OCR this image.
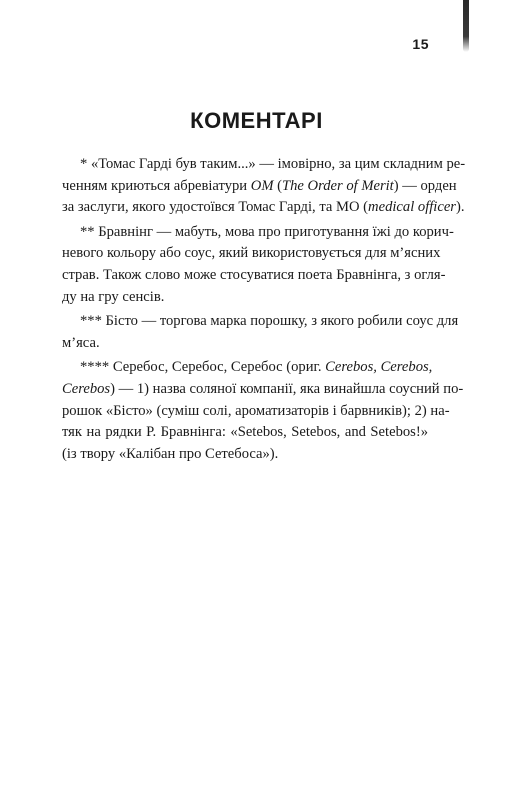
15
КОМЕНТАРІ
* «Томас Гарді був таким...» — імовірно, за цим складним ре-
ченням криються абревіатури ОМ (The Order of Merit) — орден
за заслуги, якого удостоївся Томас Гарді, та МО (medical officer).
** Бравнінг — мабуть, мова про приготування їжі до корич-
невого кольору або соус, який використовується для м’ясних
страв. Також слово може стосуватися поета Бравнінга, з огля-
ду на гру сенсів.
*** Бісто — торгова марка порошку, з якого робили соус для
м’яса.
**** Серебос, Серебос, Серебос (ориг. Cerebos, Cerebos,
Cerebos) — 1) назва соляної компанії, яка винайшла соусний по-
рошок «Бісто» (суміш солі, ароматизаторів і барвників); 2) на-
тяк на рядки Р. Бравнінга: «Setebos, Setebos, and Setebos!»
(із твору «Калібан про Сетебоса»).
